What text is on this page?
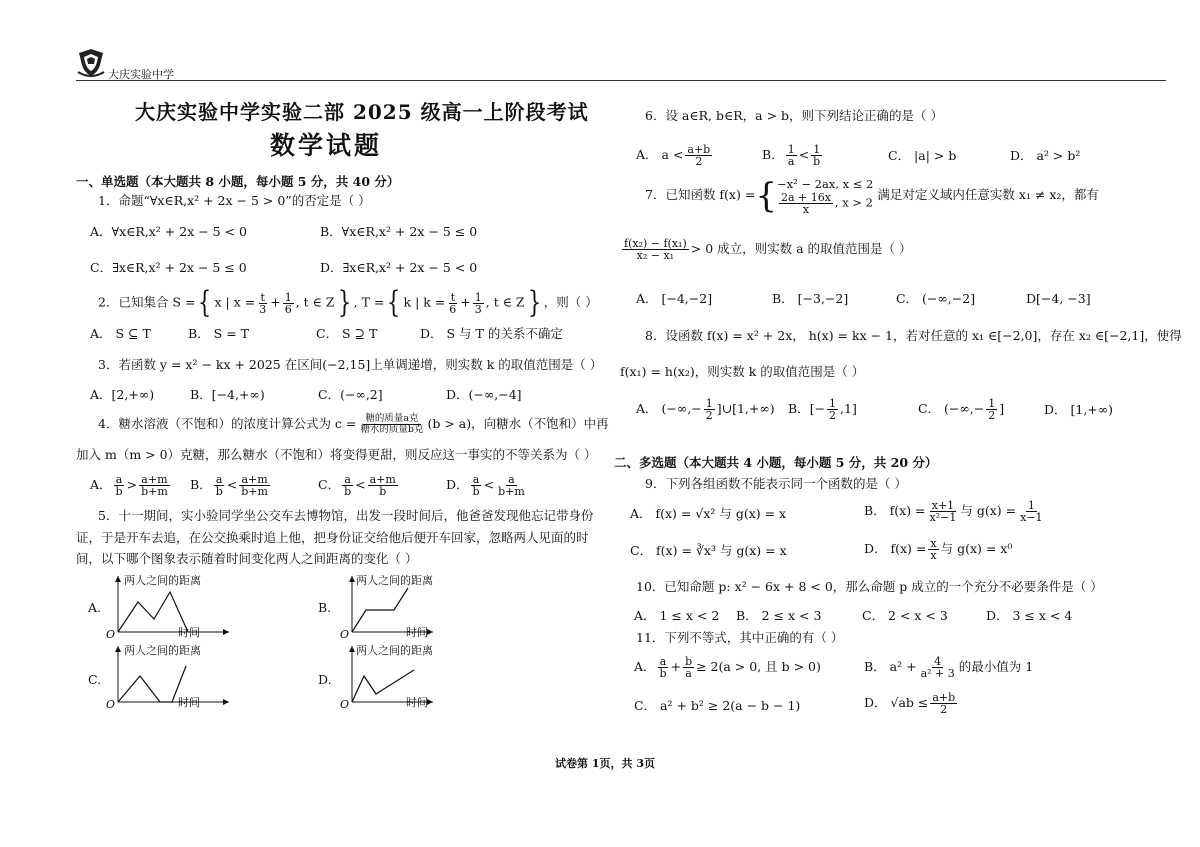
大庆实验中学
大庆实验中学实验二部 2025 级高一上阶段考试
数学试题
一、单选题（本大题共 8 小题，每小题 5 分，共 40 分）
1．命题“∀x∈R,x² + 2x − 5 > 0”的否定是（ ）
A．∀x∈R,x² + 2x − 5 < 0	B．∀x∈R,x² + 2x − 5 ≤ 0
C．∃x∈R,x² + 2x − 5 ≤ 0	D．∃x∈R,x² + 2x − 5 < 0
2．已知集合 S ={ x | $x = \frac{t}{3} + \frac{1}{6}$ , t ∈ Z} , T ={ k | $k = \frac{t}{6} + \frac{1}{3}$ , t ∈ Z} ，则（ ）
A． S ⊆ T	B． S = T	C． S ⊇ T	D． S 与 T 的关系不确定
3．若函数 y = x² − kx + 2025 在区间(−2,15]上单调递增，则实数 k 的取值范围是（ ）
A．[2,+∞)	B．[−4,+∞)	C．(−∞,2]	D．(−∞,−4]
4．糖水溶液（不饱和）的浓度计算公式为 $c = \frac{\text{糖的质量a克}}{\text{糖水的质量b克}} (b > a)$，向糖水（不饱和）中再
加入 m（m > 0）克糖，那么糖水（不饱和）将变得更甜，则反应这一事实的不等关系为（ ）
A． $\frac{a}{b} > \frac{a+m}{b+m}$ B． $\frac{a}{b} < \frac{a+m}{b+m}$	C． $\frac{a}{b} < \frac{a+m}{b}$	D． $\frac{a}{b} < \frac{a}{b+m}$
5．十一期间，实小验同学坐公交车去博物馆，出发一段时间后，他爸爸发现他忘记带身份
证，于是开车去追，在公交换乘时追上他，把身份证交给他后便开车回家，忽略两人见面的时
间，以下哪个图象表示随着时间变化两人之间距离的变化（ ）
A.
两人之间的距离
时间
O
B.
两人之间的距离
时间
O
C.
两人之间的距离
时间
O
D.
两人之间的距离
时间
O
6．设 a∈R, b∈R，a > b，则下列结论正确的是（ ）
A． $a < \frac{a+b}{2}$	B． $\frac{1}{a} < \frac{1}{b}$	C． |a| > b	D． a² > b²
7．已知函数 f(x) ={ −x² − 2ax, x ≤ 2
$\frac{2a + 16x}{x}$ , x > 2
满足对定义域内任意实数 x₁ ≠ x₂，都有
$\frac{\text{f(x₂) − f(x₁)}}{\text{x₂ − x₁}} > 0$ 成立，则实数 a 的取值范围是（ ）
A． [−4,−2]	B． [−3,−2]	C． (−∞,−2]	D[−4, −3]
8．设函数 f(x) = x² + 2x， h(x) = kx − 1，若对任意的 x₁ ∈[−2,0]，存在 x₂ ∈[−2,1]，使得
f(x₁) = h(x₂)，则实数 k 的取值范围是（ ）
A． (−∞,− $\frac{1}{2}$ ]∪[1,+∞) B．[− $\frac{1}{2} ,1$]	C． (−∞,− $\frac{1}{2}$ ]	D． [1,+∞)
二、多选题（本大题共 4 小题，每小题 5 分，共 20 分）
9．下列各组函数不能表示同一个函数的是（ ）
A． f(x) = √x² 与 g(x) = x	B． $f(x) = \frac{x+1}{\text{x²−1}}$ 与 $g(x) = \frac{1}{x-1}$
C． f(x) = ∛x³ 与 g(x) = x	D． $f(x) = \frac{x}{x}$ 与 g(x) = x⁰
10．已知命题 p: x² − 6x + 8 < 0，那么命题 p 成立的一个充分不必要条件是（ ）
A． 1 ≤ x < 2 B． 2 ≤ x < 3	C． 2 < x < 3	D． 3 ≤ x < 4
11．下列不等式，其中正确的有（ ）
A． $\frac{a}{b} + \frac{b}{a} \ge 2(a > 0$, 且 b > 0)	B． $a^2 + \frac{4}{\text{a² + 3}}$ 的最小值为 1
C． a² + b² ≥ 2(a − b − 1)	D． $√ab \le \frac{a+b}{2}$
试卷第 1页，共 3页
